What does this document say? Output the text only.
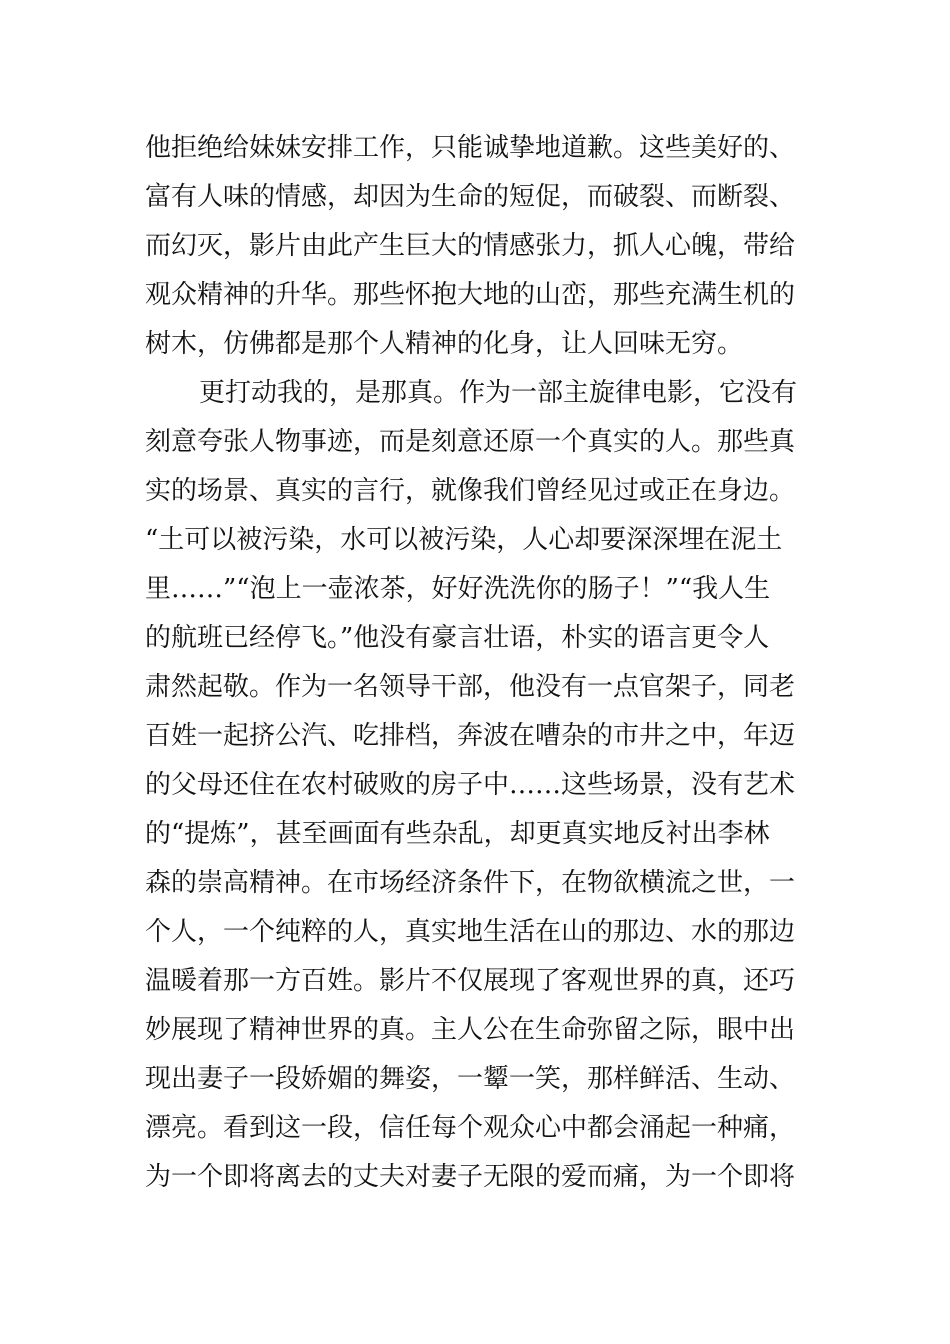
他拒绝给妹妹安排工作，只能诚挚地道歉。这些美好的、
富有人味的情感，却因为生命的短促，而破裂、而断裂、
而幻灭，影片由此产生巨大的情感张力，抓人心魄，带给
观众精神的升华。那些怀抱大地的山峦，那些充满生机的
树木，仿佛都是那个人精神的化身，让人回味无穷。
更打动我的，是那真。作为一部主旋律电影，它没有
刻意夸张人物事迹，而是刻意还原一个真实的人。那些真
实的场景、真实的言行，就像我们曾经见过或正在身边。
“土可以被污染，水可以被污染，人心却要深深埋在泥土
里……”“泡上一壶浓茶，好好洗洗你的肠子！”“我人生
的航班已经停飞。”他没有豪言壮语，朴实的语言更令人
肃然起敬。作为一名领导干部，他没有一点官架子，同老
百姓一起挤公汽、吃排档，奔波在嘈杂的市井之中，年迈
的父母还住在农村破败的房子中……这些场景，没有艺术
的“提炼”，甚至画面有些杂乱，却更真实地反衬出李林
森的崇高精神。在市场经济条件下，在物欲横流之世，一
个人，一个纯粹的人，真实地生活在山的那边、水的那边
温暖着那一方百姓。影片不仅展现了客观世界的真，还巧
妙展现了精神世界的真。主人公在生命弥留之际，眼中出
现出妻子一段娇媚的舞姿，一颦一笑，那样鲜活、生动、
漂亮。看到这一段，信任每个观众心中都会涌起一种痛，
为一个即将离去的丈夫对妻子无限的爱而痛，为一个即将
